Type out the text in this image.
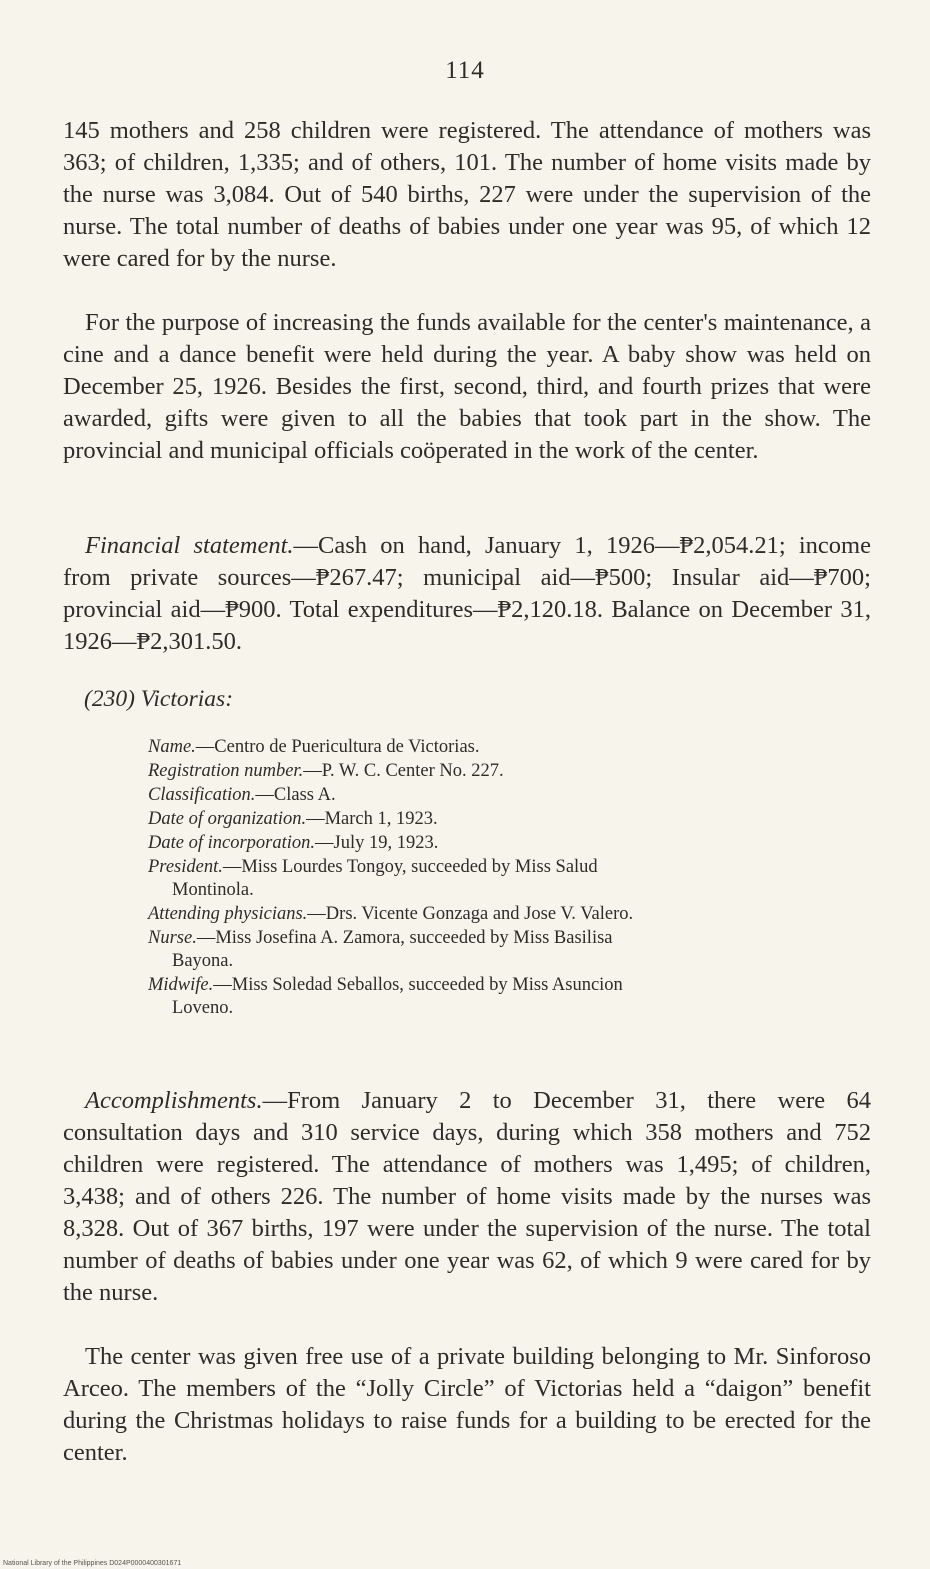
114

145 mothers and 258 children were registered. The attendance of mothers was 363; of children, 1,335; and of others, 101. The number of home visits made by the nurse was 3,084. Out of 540 births, 227 were under the supervision of the nurse. The total number of deaths of babies under one year was 95, of which 12 were cared for by the nurse.

For the purpose of increasing the funds available for the center's maintenance, a cine and a dance benefit were held during the year. A baby show was held on December 25, 1926. Besides the first, second, third, and fourth prizes that were awarded, gifts were given to all the babies that took part in the show. The provincial and municipal officials coöperated in the work of the center.

Financial statement.—Cash on hand, January 1, 1926—₱2,054.21; income from private sources—₱267.47; municipal aid—₱500; Insular aid—₱700; provincial aid—₱900. Total expenditures—₱2,120.18. Balance on December 31, 1926—₱2,301.50.

(230) Victorias:

Name.—Centro de Puericultura de Victorias.

Registration number.—P. W. C. Center No. 227.

Classification.—Class A.

Date of organization.—March 1, 1923.

Date of incorporation.—July 19, 1923.

President.—Miss Lourdes Tongoy, succeeded by Miss Salud
Montinola.

Attending physicians.—Drs. Vicente Gonzaga and Jose V. Valero.

Nurse.—Miss Josefina A. Zamora, succeeded by Miss Basilisa
Bayona.

Midwife.—Miss Soledad Seballos, succeeded by Miss Asuncion
Loveno.

Accomplishments.—From January 2 to December 31, there were 64 consultation days and 310 service days, during which 358 mothers and 752 children were registered. The attendance of mothers was 1,495; of children, 3,438; and of others 226. The number of home visits made by the nurses was 8,328. Out of 367 births, 197 were under the supervision of the nurse. The total number of deaths of babies under one year was 62, of which 9 were cared for by the nurse.

The center was given free use of a private building belonging to Mr. Sinforoso Arceo. The members of the “Jolly Circle” of Victorias held a “daigon” benefit during the Christmas holidays to raise funds for a building to be erected for the center.

National Library of the Philippines D024P0000400301671
